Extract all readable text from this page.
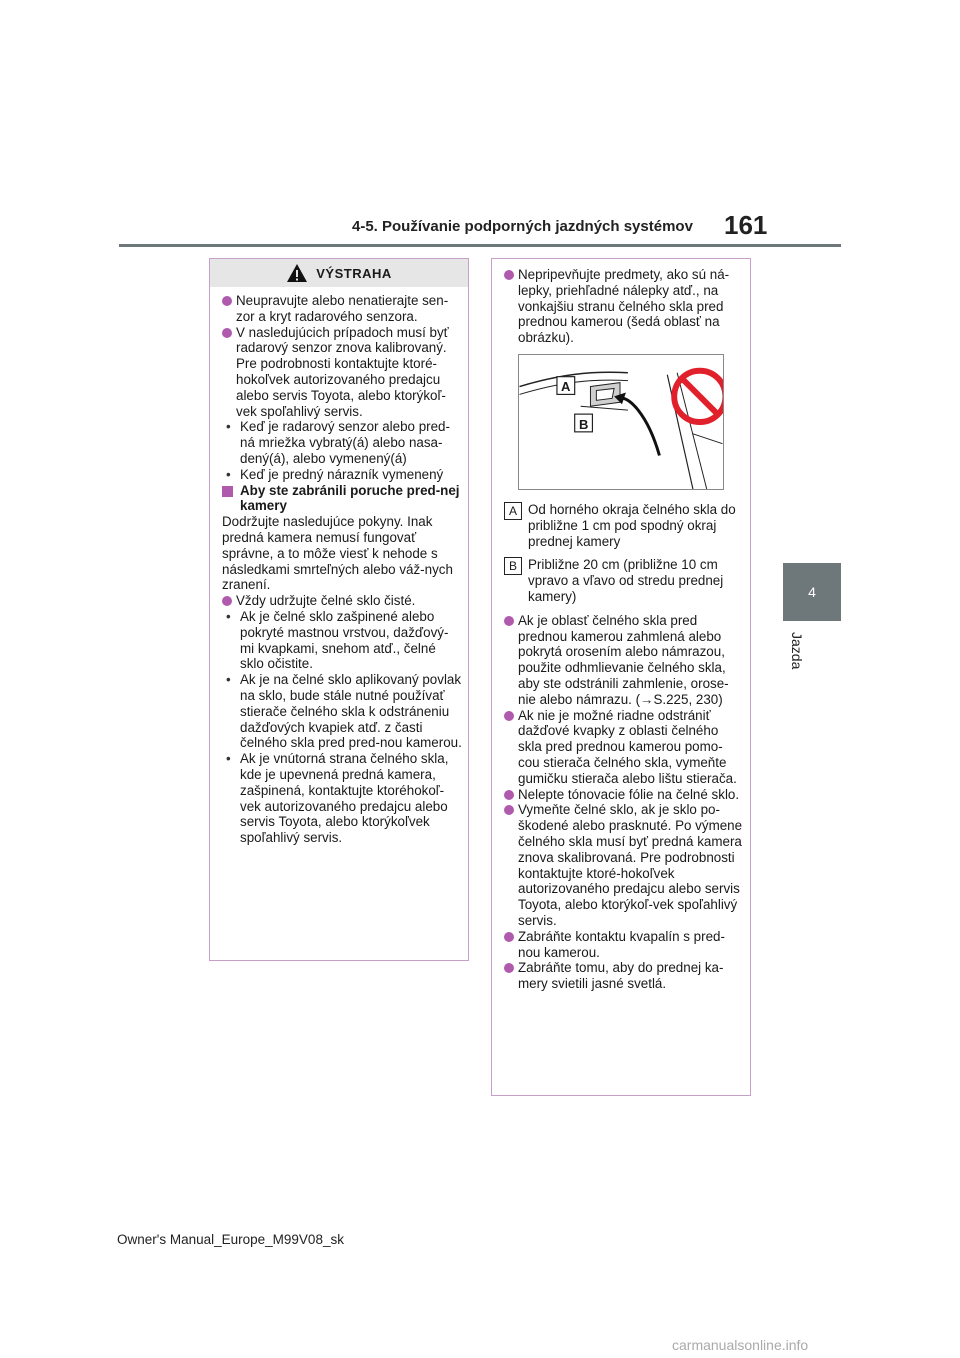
4-5. Používanie podporných jazdných systémov 161
4
Jazda
VÝSTRAHA

Neupravujte alebo nenatierajte sen- zor a kryt radarového senzora.

V nasledujúcich prípadoch musí byť radarový senzor znova kalibrovaný. Pre podrobnosti kontaktujte ktoré-hokoľvek autorizovaného predajcu alebo servis Toyota, alebo ktorýkoľ-vek spoľahlivý servis.

• Keď je radarový senzor alebo pred-ná mriežka vybratý(á) alebo nasa-dený(á), alebo vymenený(á)

• Keď je predný nárazník vymenený

Aby ste zabránili poruche pred-nej kamery

Dodržujte nasledujúce pokyny. Inak predná kamera nemusí fungovať správne, a to môže viesť k nehode s následkami smrteľných alebo váž-nych zranení.

Vždy udržujte čelné sklo čisté.

• Ak je čelné sklo zašpinené alebo pokryté mastnou vrstvou, dažďový-mi kvapkami, snehom atď., čelné sklo očistite.

• Ak je na čelné sklo aplikovaný povlak na sklo, bude stále nutné používať stierače čelného skla k odstráneniu dažďových kvapiek atď. z časti čelného skla pred pred-nou kamerou.

• Ak je vnútorná strana čelného skla, kde je upevnená predná kamera, zašpinená, kontaktujte ktoréhokoľ-vek autorizovaného predajcu alebo servis Toyota, alebo ktorýkoľvek spoľahlivý servis.

Nepripevňujte predmety, ako sú ná-lepky, priehľadné nálepky atď., na vonkajšiu stranu čelného skla pred prednou kamerou (šedá oblasť na obrázku).

A
B
A Od horného okraja čelného skla do približne 1 cm pod spodný okraj prednej kamery
B Približne 20 cm (približne 10 cm vpravo a vľavo od stredu prednej kamery)

Ak je oblasť čelného skla pred prednou kamerou zahmlená alebo pokrytá orosením alebo námrazou, použite odhmlievanie čelného skla, aby ste odstránili zahmlenie, orose-nie alebo námrazu. (→S.225, 230)

Ak nie je možné riadne odstrániť dažďové kvapky z oblasti čelného skla pred prednou kamerou pomo-cou stierača čelného skla, vymeňte gumičku stierača alebo lištu stierača.

Nelepte tónovacie fólie na čelné sklo.

Vymeňte čelné sklo, ak je sklo po-škodené alebo prasknuté. Po výmene čelného skla musí byť predná kamera znova skalibrovaná. Pre podrobnosti kontaktujte ktoré-hokoľvek autorizovaného predajcu alebo servis Toyota, alebo ktorýkoľ-vek spoľahlivý servis.

Zabráňte kontaktu kvapalín s pred-nou kamerou.

Zabráňte tomu, aby do prednej ka-mery svietili jasné svetlá.

Owner's Manual_Europe_M99V08_sk
carmanualsonline.info
